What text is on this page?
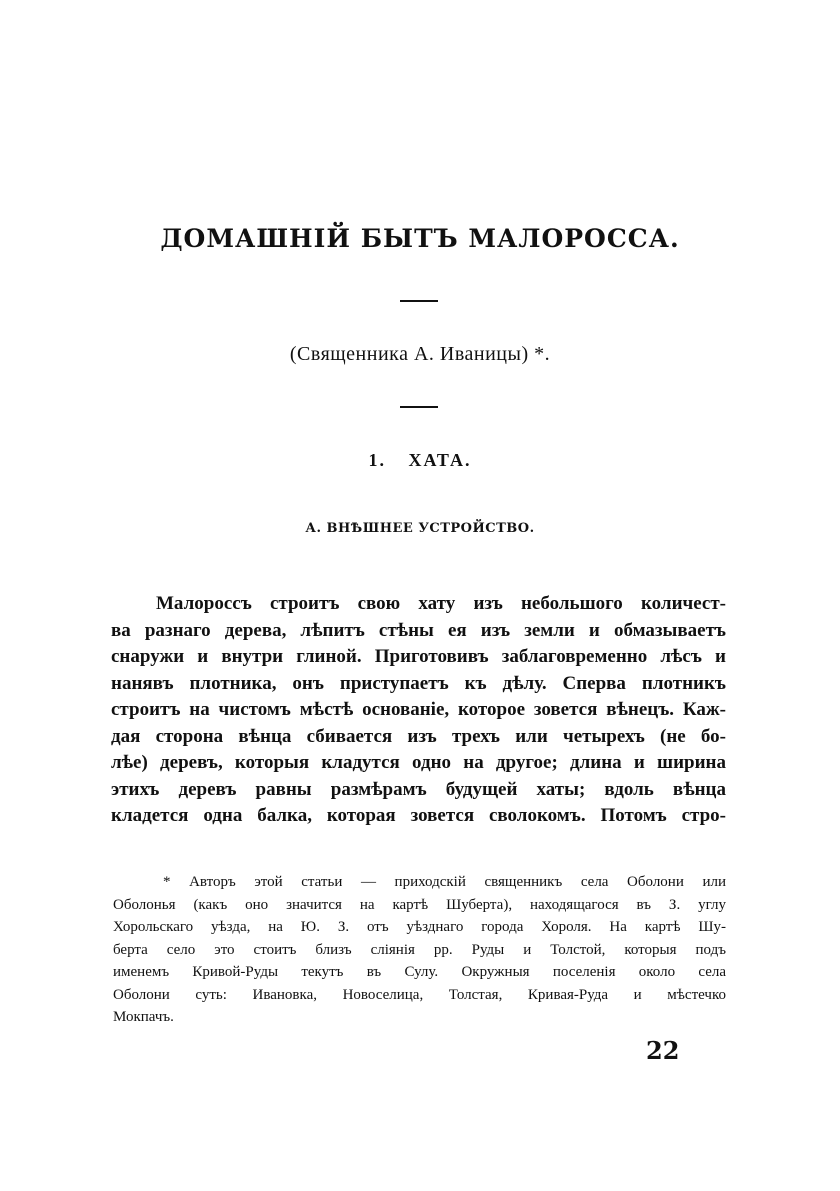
ДОМАШНІЙ БЫТЪ МАЛОРОССА.
(Священника А. Иваницы) *.
1. ХАТА.
А. ВНѢШНЕЕ УСТРОЙСТВО.
Малороссъ строитъ свою хату изъ небольшого количест-
ва разнаго дерева, лѣпитъ стѣны ея изъ земли и обмазываетъ
снаружи и внутри глиной. Приготовивъ заблаговременно лѣсъ и
нанявъ плотника, онъ приступаетъ къ дѣлу. Сперва плотникъ
строитъ на чистомъ мѣстѣ основаніе, которое зовется вѣнецъ. Каж-
дая сторона вѣнца сбивается изъ трехъ или четырехъ (не бо-
лѣе) деревъ, которыя кладутся одно на другое; длина и ширина
этихъ деревъ равны размѣрамъ будущей хаты; вдоль вѣнца
кладется одна балка, которая зовется сволокомъ. Потомъ стро-
* Авторъ этой статьи — приходскій священникъ села Оболони или
Оболонья (какъ оно значится на картѣ Шуберта), находящагося въ З. углу
Хорольскаго уѣзда, на Ю. З. отъ уѣзднаго города Хороля. На картѣ Шу-
берта село это стоитъ близъ сліянія рр. Руды и Толстой, которыя подъ
именемъ Кривой-Руды текутъ въ Сулу. Окружныя поселенія около села
Оболони суть: Ивановка, Новоселица, Толстая, Кривая-Руда и мѣстечко
Мокпачъ.
22
